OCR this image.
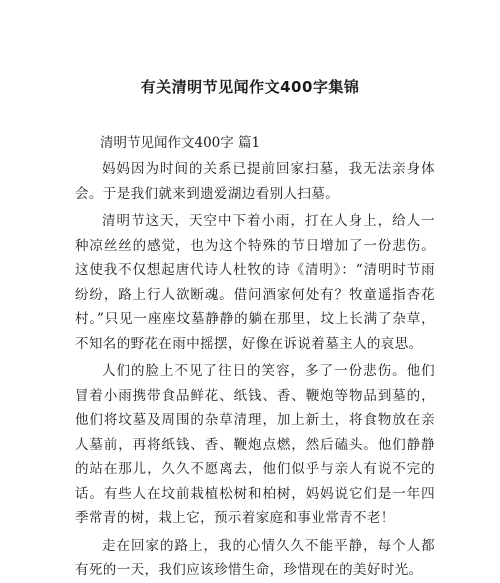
有关清明节见闻作文400字集锦

清明节见闻作文400字 篇1

妈妈因为时间的关系已提前回家扫墓，我无法亲身体会。于是我们就来到遗爱湖边看别人扫墓。

清明节这天，天空中下着小雨，打在人身上，给人一种凉丝丝的感觉，也为这个特殊的节日增加了一份悲伤。这使我不仅想起唐代诗人杜牧的诗《清明》：“清明时节雨纷纷，路上行人欲断魂。借问酒家何处有？牧童遥指杏花村。”只见一座座坟墓静静的躺在那里，坟上长满了杂草，不知名的野花在雨中摇摆，好像在诉说着墓主人的哀思。

人们的脸上不见了往日的笑容，多了一份悲伤。他们冒着小雨携带食品鲜花、纸钱、香、鞭炮等物品到墓的，他们将坟墓及周围的杂草清理，加上新土，将食物放在亲人墓前，再将纸钱、香、鞭炮点燃，然后磕头。他们静静的站在那儿，久久不愿离去，他们似乎与亲人有说不完的话。有些人在坟前栽植松树和柏树，妈妈说它们是一年四季常青的树，栽上它，预示着家庭和事业常青不老！

走在回家的路上，我的心情久久不能平静，每个人都有死的一天，我们应该珍惜生命，珍惜现在的美好时光。
